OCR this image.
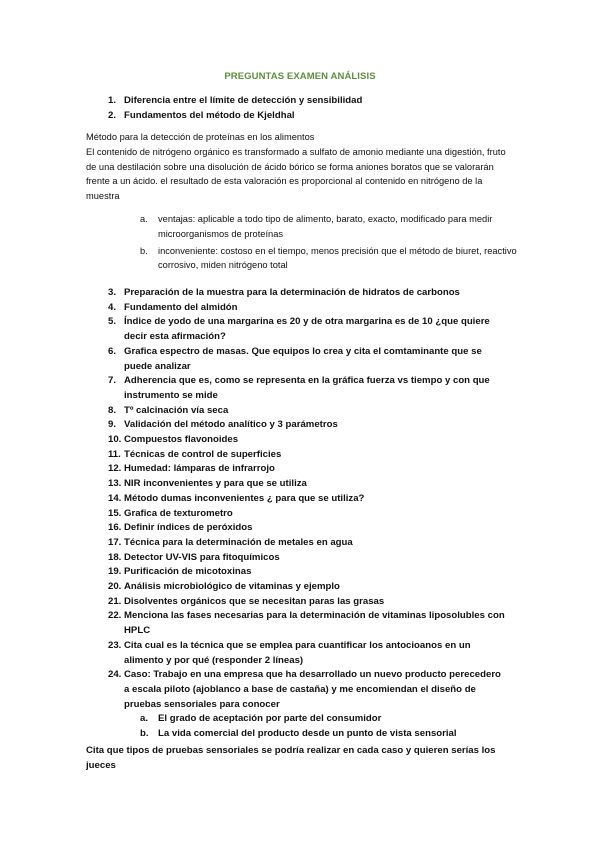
PREGUNTAS EXAMEN ANÁLISIS
1. Diferencia entre el límite de detección y sensibilidad
2. Fundamentos del método de Kjeldhal
Método para la detección de proteínas en los alimentos
El contenido de nitrógeno orgánico es transformado a sulfato de amonio mediante una digestión, fruto de una destilación sobre una disolución de ácido bórico se forma aniones boratos que se valorarán frente a un ácido. el resultado de esta valoración es proporcional al contenido en nitrógeno de la muestra
a. ventajas: aplicable a todo tipo de alimento, barato, exacto, modificado para medir microorganismos de proteínas
b. inconveniente: costoso en el tiempo, menos precisión que el método de biuret, reactivo corrosivo, miden nitrógeno total
3. Preparación de la muestra para la determinación de hidratos de carbonos
4. Fundamento del almidón
5. Índice de yodo de una margarina es 20 y de otra margarina es de 10 ¿que quiere decir esta afirmación?
6. Grafica espectro de masas. Que equipos lo crea y cita el comtaminante que se puede analizar
7. Adherencia que es, como se representa en la gráfica fuerza vs tiempo y con que instrumento se mide
8. Tº calcinación vía seca
9. Validación del método analítico y 3 parámetros
10. Compuestos flavonoides
11. Técnicas de control de superficies
12. Humedad: lámparas de infrarrojo
13. NIR inconvenientes y para que se utiliza
14. Método dumas inconvenientes ¿ para que se utiliza?
15. Grafica de texturometro
16. Definir índices de peróxidos
17. Técnica para la determinación de metales en agua
18. Detector UV-VIS para fitoquímicos
19. Purificación de micotoxinas
20. Análisis microbiológico de vitaminas y ejemplo
21. Disolventes orgánicos que se necesitan paras las grasas
22. Menciona las fases necesarias para la determinación de vitaminas liposolubles con HPLC
23. Cita cual es la técnica que se emplea para cuantificar los antocioanos en un alimento y por qué (responder 2 líneas)
24. Caso: Trabajo en una empresa que ha desarrollado un nuevo producto perecedero a escala piloto (ajoblanco a base de castaña) y me encomiendan el diseño de pruebas sensoriales para conocer
a. El grado de aceptación por parte del consumidor
b. La vida comercial del producto desde un punto de vista sensorial
Cita que tipos de pruebas sensoriales se podría realizar en cada caso y quieren serías los jueces
